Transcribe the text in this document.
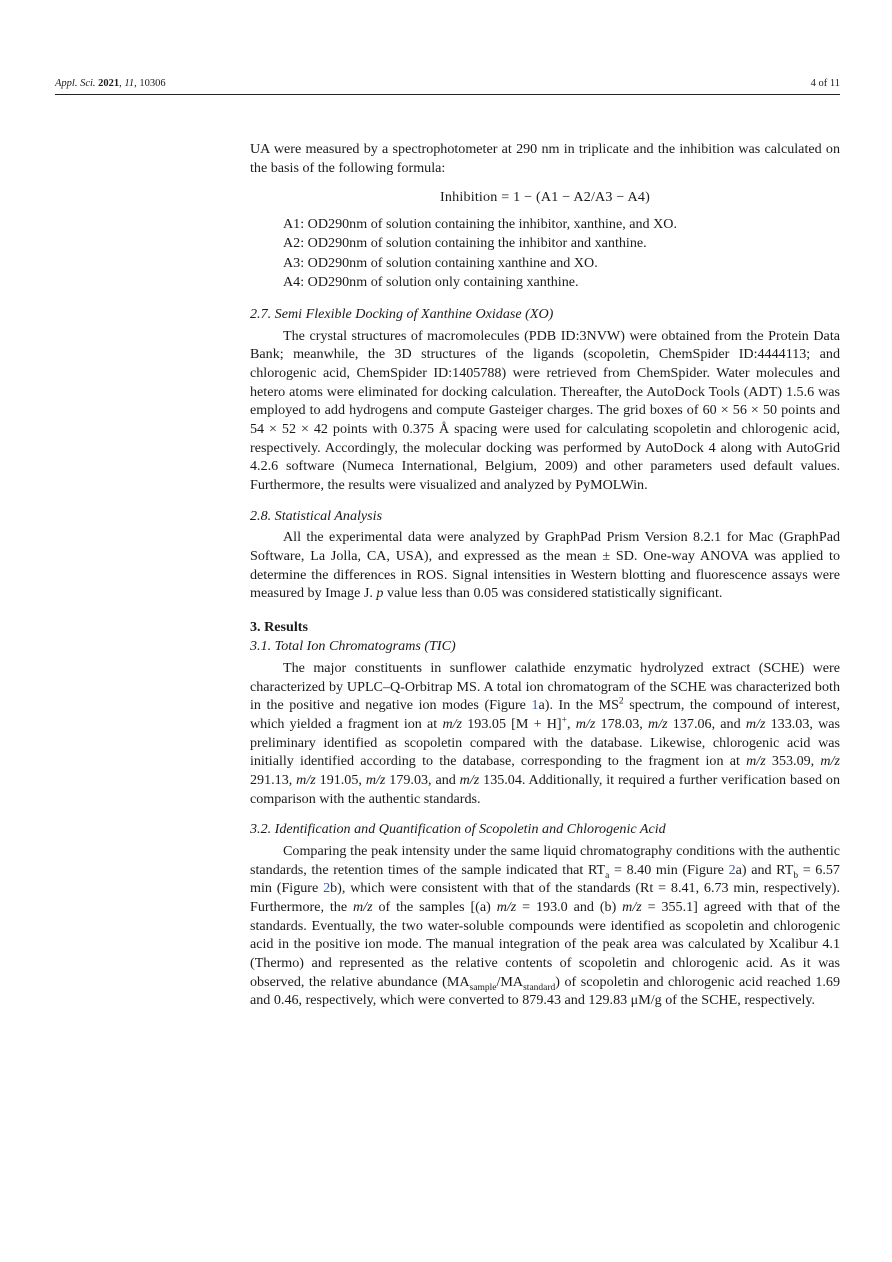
Appl. Sci. 2021, 11, 10306	4 of 11

UA were measured by a spectrophotometer at 290 nm in triplicate and the inhibition was calculated on the basis of the following formula:

Inhibition = 1 − (A1 − A2/A3 − A4)
A1: OD290nm of solution containing the inhibitor, xanthine, and XO.
A2: OD290nm of solution containing the inhibitor and xanthine.
A3: OD290nm of solution containing xanthine and XO.
A4: OD290nm of solution only containing xanthine.
2.7. Semi Flexible Docking of Xanthine Oxidase (XO)

The crystal structures of macromolecules (PDB ID:3NVW) were obtained from the Protein Data Bank; meanwhile, the 3D structures of the ligands (scopoletin, ChemSpider ID:4444113; and chlorogenic acid, ChemSpider ID:1405788) were retrieved from ChemSpider. Water molecules and hetero atoms were eliminated for docking calculation. Thereafter, the AutoDock Tools (ADT) 1.5.6 was employed to add hydrogens and compute Gasteiger charges. The grid boxes of 60 × 56 × 50 points and 54 × 52 × 42 points with 0.375 Å spacing were used for calculating scopoletin and chlorogenic acid, respectively. Accordingly, the molecular docking was performed by AutoDock 4 along with AutoGrid 4.2.6 software (Numeca International, Belgium, 2009) and other parameters used default values. Furthermore, the results were visualized and analyzed by PyMOLWin.

2.8. Statistical Analysis

All the experimental data were analyzed by GraphPad Prism Version 8.2.1 for Mac (GraphPad Software, La Jolla, CA, USA), and expressed as the mean ± SD. One-way ANOVA was applied to determine the differences in ROS. Signal intensities in Western blotting and fluorescence assays were measured by Image J. p value less than 0.05 was considered statistically significant.

3. Results
3.1. Total Ion Chromatograms (TIC)

The major constituents in sunflower calathide enzymatic hydrolyzed extract (SCHE) were characterized by UPLC–Q-Orbitrap MS. A total ion chromatogram of the SCHE was characterized both in the positive and negative ion modes (Figure 1a). In the $MS^2$ spectrum, the compound of interest, which yielded a fragment ion at m/z 193.05 [M + H]+, m/z 178.03, m/z 137.06, and m/z 133.03, was preliminary identified as scopoletin compared with the database. Likewise, chlorogenic acid was initially identified according to the database, corresponding to the fragment ion at m/z 353.09, m/z 291.13, m/z 191.05, m/z 179.03, and m/z 135.04. Additionally, it required a further verification based on comparison with the authentic standards.

3.2. Identification and Quantification of Scopoletin and Chlorogenic Acid

Comparing the peak intensity under the same liquid chromatography conditions with the authentic standards, the retention times of the sample indicated that $RT_a = 8.40$ min (Figure 2a) and $RT_b = 6.57$ min (Figure 2b), which were consistent with that of the standards (Rt = 8.41, 6.73 min, respectively). Furthermore, the m/z of the samples [(a) m/z = 193.0 and (b) m/z = 355.1] agreed with that of the standards. Eventually, the two water-soluble compounds were identified as scopoletin and chlorogenic acid in the positive ion mode. The manual integration of the peak area was calculated by Xcalibur 4.1 (Thermo) and represented as the relative contents of scopoletin and chlorogenic acid. As it was observed, the relative abundance $(MA_{sample}/MA_{standard})$ of scopoletin and chlorogenic acid reached 1.69 and 0.46, respectively, which were converted to 879.43 and 129.83 μM/g of the SCHE, respectively.
